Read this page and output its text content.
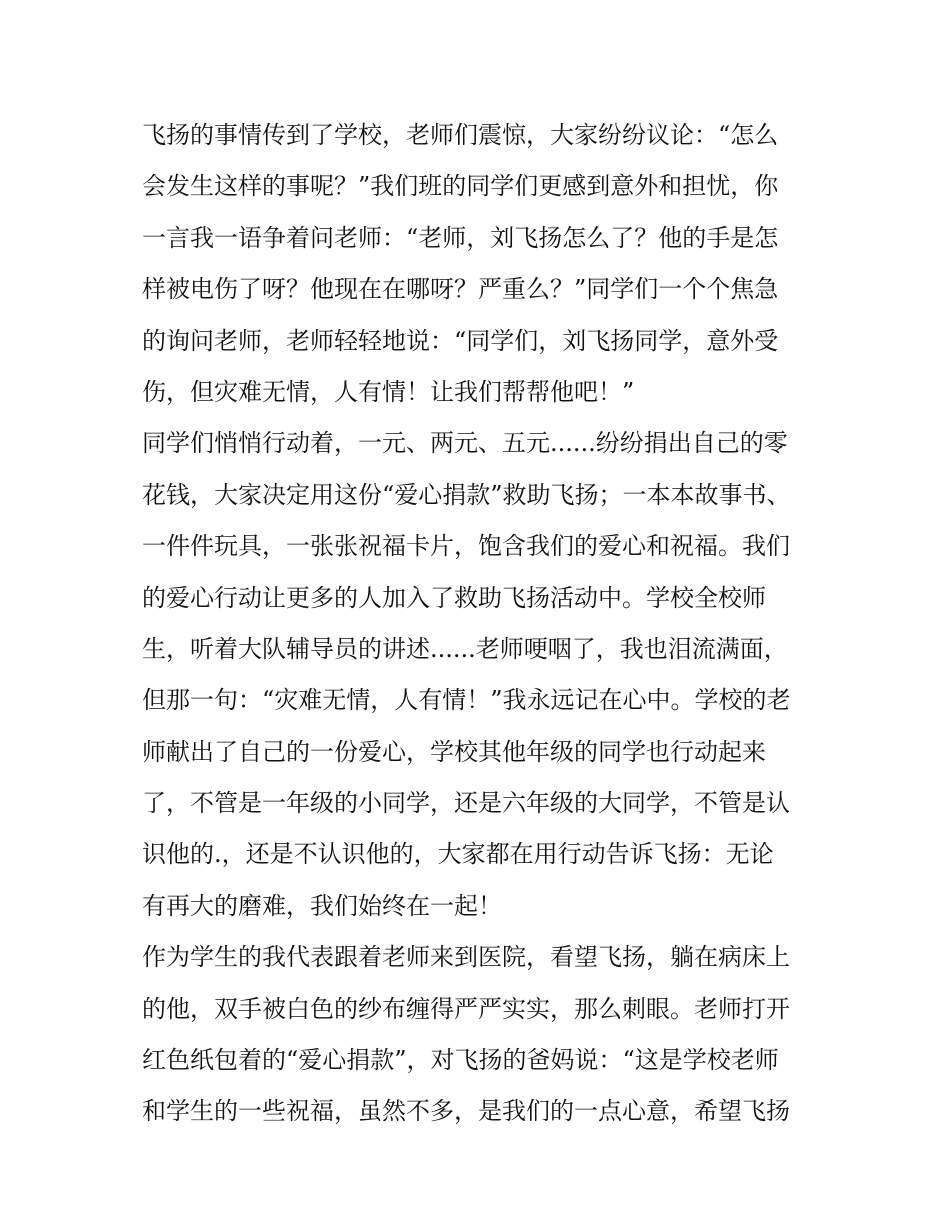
飞扬的事情传到了学校，老师们震惊，大家纷纷议论：“怎么
会发生这样的事呢？”我们班的同学们更感到意外和担忧，你
一言我一语争着问老师：“老师，刘飞扬怎么了？他的手是怎
样被电伤了呀？他现在在哪呀？严重么？”同学们一个个焦急
的询问老师，老师轻轻地说：“同学们，刘飞扬同学，意外受
伤，但灾难无情，人有情！让我们帮帮他吧！”
同学们悄悄行动着，一元、两元、五元......纷纷捐出自己的零
花钱，大家决定用这份“爱心捐款”救助飞扬；一本本故事书、
一件件玩具，一张张祝福卡片，饱含我们的爱心和祝福。我们
的爱心行动让更多的人加入了救助飞扬活动中。学校全校师
生，听着大队辅导员的讲述......老师哽咽了，我也泪流满面，
但那一句：“灾难无情，人有情！”我永远记在心中。学校的老
师献出了自己的一份爱心，学校其他年级的同学也行动起来
了，不管是一年级的小同学，还是六年级的大同学，不管是认
识他的.，还是不认识他的，大家都在用行动告诉飞扬：无论
有再大的磨难，我们始终在一起！
作为学生的我代表跟着老师来到医院，看望飞扬，躺在病床上
的他，双手被白色的纱布缠得严严实实，那么刺眼。老师打开
红色纸包着的“爱心捐款”，对飞扬的爸妈说：“这是学校老师
和学生的一些祝福，虽然不多，是我们的一点心意，希望飞扬
